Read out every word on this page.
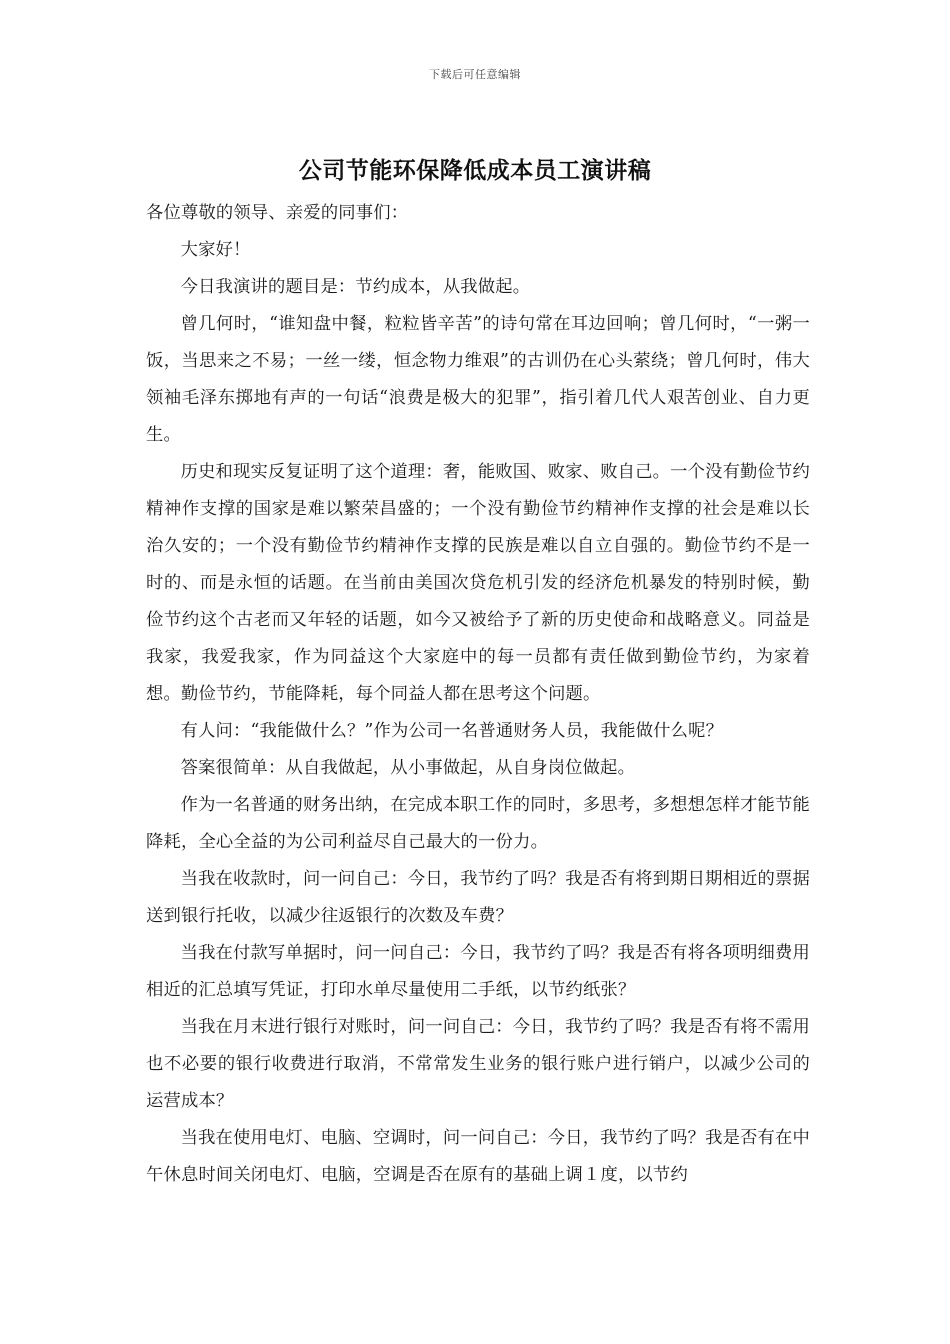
下载后可任意编辑
公司节能环保降低成本员工演讲稿

各位尊敬的领导、亲爱的同事们：

大家好！

今日我演讲的题目是：节约成本，从我做起。

曾几何时，“谁知盘中餐，粒粒皆辛苦”的诗句常在耳边回响；曾几何时，“一粥一饭，当思来之不易；一丝一缕，恒念物力维艰”的古训仍在心头萦绕；曾几何时，伟大领袖毛泽东掷地有声的一句话“浪费是极大的犯罪”，指引着几代人艰苦创业、自力更生。

历史和现实反复证明了这个道理：奢，能败国、败家、败自己。一个没有勤俭节约精神作支撑的国家是难以繁荣昌盛的；一个没有勤俭节约精神作支撑的社会是难以长治久安的；一个没有勤俭节约精神作支撑的民族是难以自立自强的。勤俭节约不是一时的、而是永恒的话题。在当前由美国次贷危机引发的经济危机暴发的特别时候，勤俭节约这个古老而又年轻的话题，如今又被给予了新的历史使命和战略意义。同益是我家，我爱我家，作为同益这个大家庭中的每一员都有责任做到勤俭节约，为家着想。勤俭节约，节能降耗，每个同益人都在思考这个问题。

有人问：“我能做什么？”作为公司一名普通财务人员，我能做什么呢？

答案很简单：从自我做起，从小事做起，从自身岗位做起。

作为一名普通的财务出纳，在完成本职工作的同时，多思考，多想想怎样才能节能降耗，全心全益的为公司利益尽自己最大的一份力。

当我在收款时，问一问自己：今日，我节约了吗？我是否有将到期日期相近的票据送到银行托收，以减少往返银行的次数及车费？

当我在付款写单据时，问一问自己：今日，我节约了吗？我是否有将各项明细费用相近的汇总填写凭证，打印水单尽量使用二手纸，以节约纸张？

当我在月末进行银行对账时，问一问自己：今日，我节约了吗？我是否有将不需用也不必要的银行收费进行取消，不常常发生业务的银行账户进行销户，以减少公司的运营成本？

当我在使用电灯、电脑、空调时，问一问自己：今日，我节约了吗？我是否有在中午休息时间关闭电灯、电脑，空调是否在原有的基础上调１度，以节约
